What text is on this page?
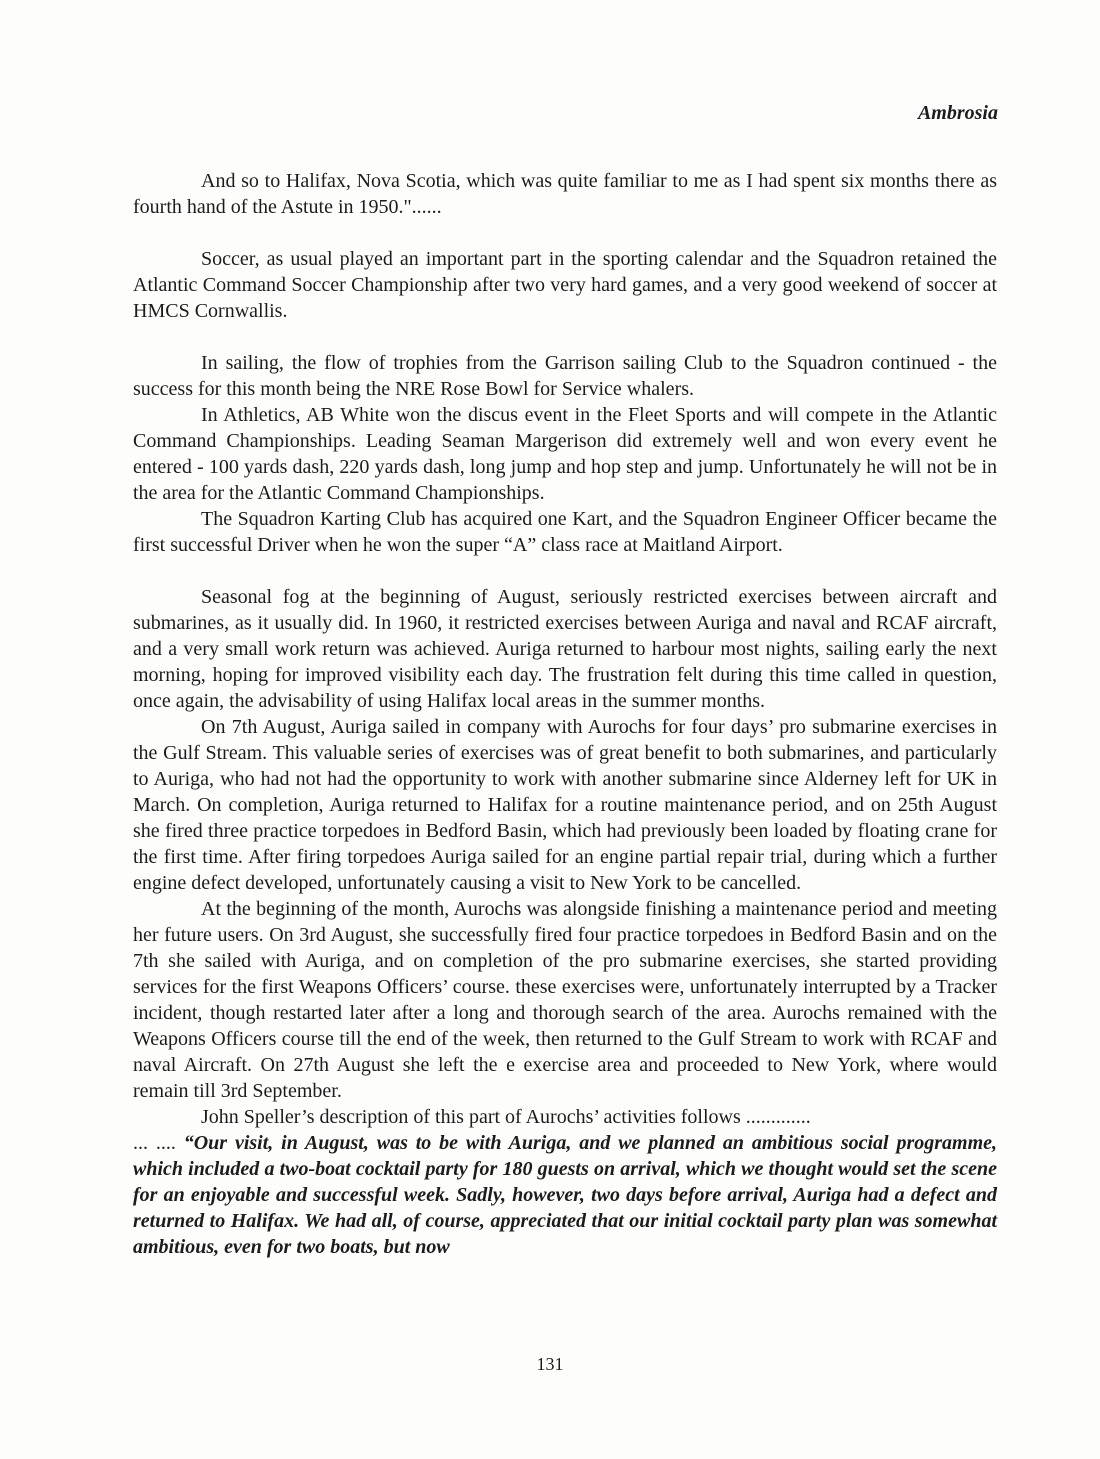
Ambrosia

And so to Halifax, Nova Scotia, which was quite familiar to me as I had spent six months there as fourth hand of the Astute in 1950."......

Soccer, as usual played an important part in the sporting calendar and the Squadron retained the Atlantic Command Soccer Championship after two very hard games, and a very good weekend of soccer at HMCS Cornwallis.

In sailing, the flow of trophies from the Garrison sailing Club to the Squadron continued - the success for this month being the NRE Rose Bowl for Service whalers.

In Athletics, AB White won the discus event in the Fleet Sports and will compete in the Atlantic Command Championships. Leading Seaman Margerison did extremely well and won every event he entered - 100 yards dash, 220 yards dash, long jump and hop step and jump. Unfortunately he will not be in the area for the Atlantic Command Championships.

The Squadron Karting Club has acquired one Kart, and the Squadron Engineer Officer became the first successful Driver when he won the super “A” class race at Maitland Airport.

Seasonal fog at the beginning of August, seriously restricted exercises between aircraft and submarines, as it usually did. In 1960, it restricted exercises between Auriga and naval and RCAF aircraft, and a very small work return was achieved. Auriga returned to harbour most nights, sailing early the next morning, hoping for improved visibility each day. The frustration felt during this time called in question, once again, the advisability of using Halifax local areas in the summer months.

On 7th August, Auriga sailed in company with Aurochs for four days’ pro submarine exercises in the Gulf Stream. This valuable series of exercises was of great benefit to both submarines, and particularly to Auriga, who had not had the opportunity to work with another submarine since Alderney left for UK in March. On completion, Auriga returned to Halifax for a routine maintenance period, and on 25th August she fired three practice torpedoes in Bedford Basin, which had previously been loaded by floating crane for the first time. After firing torpedoes Auriga sailed for an engine partial repair trial, during which a further engine defect developed, unfortunately causing a visit to New York to be cancelled.

At the beginning of the month, Aurochs was alongside finishing a maintenance period and meeting her future users. On 3rd August, she successfully fired four practice torpedoes in Bedford Basin and on the 7th she sailed with Auriga, and on completion of the pro submarine exercises, she started providing services for the first Weapons Officers’ course. these exercises were, unfortunately interrupted by a Tracker incident, though restarted later after a long and thorough search of the area. Aurochs remained with the Weapons Officers course till the end of the week, then returned to the Gulf Stream to work with RCAF and naval Aircraft. On 27th August she left the e exercise area and proceeded to New York, where would remain till 3rd September.

John Speller’s description of this part of Aurochs’ activities follows .............

... .... “Our visit, in August, was to be with Auriga, and we planned an ambitious social programme, which included a two-boat cocktail party for 180 guests on arrival, which we thought would set the scene for an enjoyable and successful week. Sadly, however, two days before arrival, Auriga had a defect and returned to Halifax. We had all, of course, appreciated that our initial cocktail party plan was somewhat ambitious, even for two boats, but now

131
